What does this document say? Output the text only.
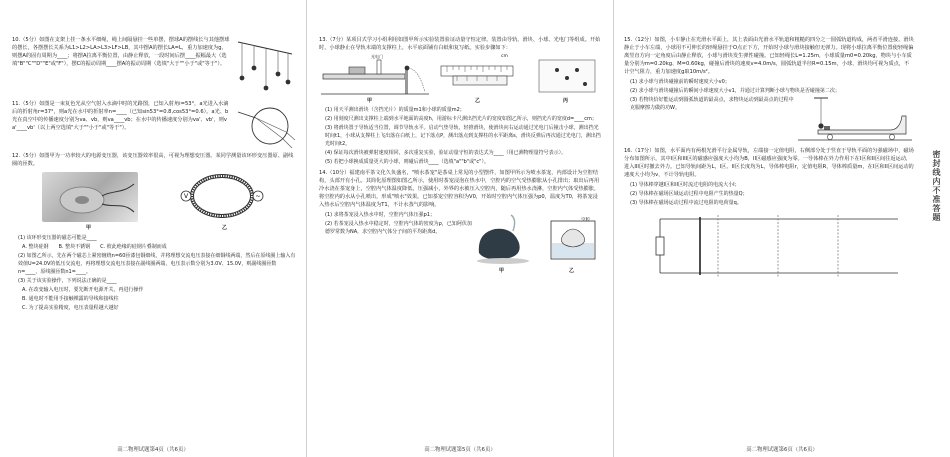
10.（5分）如图在支架上挂一条水平细绳，绳上间隔悬挂一些单摆，摆球A的摆线长与其他摆球的摆长，各摆摆长关系为L1>L2>LA>L3>LF>LB，其中摆A的摆长LA=L，重力加速度为g，则摆A的固有周期为____；将摆A拉离平衡位置，由静止释放，一段时间后摆____振幅最大（选填"B""C""D""E"或"F"），摆C的振动周期____摆A的振动周期（选填"大于""小于"或"等于"）。

11.（5分）如图是一束复色光从空气射入水滴中时的光路图，已知入射角i=53°，a光进入水滴后的折射角r=37°，则a光在水中的折射率n=____（已知sin53°=0.8,cos53°=0.6）。a光、b光在真空中的传播速度分别为va、vb，则va____vb；在水中的传播速度分别为va'、vb'，则va'____vb'（以上两空选填"大于""小于"或"等于"）。

12.（5分）如图甲为一功率较大的电源变压器，该变压器效率很高，可视为理想变压器。某同学测量该环形变压器原、副线圈的匝数。

甲
V	~
乙

(1) 该环形变压器的磁芯可能是____

A. 整块硅钢 B. 整块不锈钢 C. 彼此绝缘的硅钢片叠制而成

(2) 如图乙所示，先在两个磁芯上紧密缠绕n=60匝漆包铜细线，并将理想交流电压表接在细铜线两端，然后在原线圈上输入有效值U=24.0V的低压交流电，再将理想交流电压表接在副线圈两端，电压表示数分别为3.0V、15.0V，则副线圈匝数n=____，原线圈匝数n1=____。

(3) 关于该实验操作，下列说法正确的是____

A. 在改变输入电压时，要先断开电源开关，再进行操作

B. 通电时不能用手接触裸露的导线和接线柱

C. 为了提高实验精度，电压表量程越大越好

高二物理试题第4页（共6页）

13.（7分）某项目式学习小组利用如图甲所示实验装置验证动量守恒定律。装置由导轨、滑块、小球、光电门等组成。开始时，小球静止在导轨末端的支撑柱上，水平底面铺有白纸和复写纸。实验步骤如下：

光电门
甲
cm
乙	丙

(1) 用天平测出滑块（含挡光片）的质量m1和小球的质量m2；

(2) 用刻度尺测出支撑柱上端到水平地面的高度h，用游标卡尺测出挡光片的宽度如图乙所示，则挡光片的宽度d=____cm；

(3) 将滑块置于导轨适当位置，调节导轨水平。启动气垫导轨，轻推滑块，使滑块向右运动通过光电门后撞击小球，测出挡光时间t1，小球从支撑柱上飞出落在白纸上，记下落点P，测出落点到支撑柱的水平距离s，滑块反弹后再次通过光电门，测出挡光时间t2。

(4) 保证每次滑块被弹射速度相同，多次重复实验，验证动量守恒的表达式为____（用已测物理量符号表示）。

(5) 若把小球换成质量更大的小球，则碰后滑块____（选填"a""b"或"c"）。

14.（10分）福建南平茶文化久负盛名，"喷水茶宠"是茶桌上常见的小型摆件，如图甲所示为喷水茶宠，内部设计为空腔结构，头部开有小孔。其简化原理图如图乙所示，使用时茶宠浸泡在热水中，空腔内的空气受热膨胀从小孔排出；取出后再用冷水浇在茶宠身上，空腔内气体温度降低，压强减小，外界的水被压入空腔内，随后再用热水浇淋，空腔内气体受热膨胀，将空腔内的水从小孔喷出，形成"喷水"效果。已知茶宠空腔容积为V0，开始时空腔内气体压强为p0，温度为T0，将茶宠浸入热水后空腔内气体温度为T1，不计水蒸气的影响。

(1) 求将茶宠浸入热水中时，空腔内气体压强p1；

(2) 若茶宠浸入热水中稳定时，空腔内气体的密度为ρ，已知阿伏加德罗常数为NA，求空腔内气体分子间的平均距离d。

甲
空腔
乙
高二物理试题第5页（共6页）

15.（12分）如图，小车静止在光滑水平面上，其上表面由光滑水平轨道和粗糙的四分之一圆弧轨道构成，两者平滑连接。滑块静止于小车左端，小球用不可伸长的轻绳悬挂于O点正下方，开始时小球与滑块接触但无弹力。现将小球拉离平衡位置使轻绳偏离竖直方向一定角度后由静止释放，小球与滑块发生弹性碰撞。已知轻绳长L=1.25m，小球质量m0=0.20kg，物块与小车质量分别为m=0.20kg、M=0.60kg，碰撞后滑块的速度v=4.0m/s，圆弧轨道半径R=0.15m，小球、滑块均可视为质点，不计空气阻力，重力加速度g取10m/s²。

(1) 求小球与滑块碰撞前的瞬时速度大小v0；

(2) 求小球与滑块碰撞后的瞬间小球速度大小v1，并通过计算判断小球与物块是否碰撞第二次；

(3) 若物块恰好能运动到圆弧轨道的最高点，求物块运动到最高点的过程中克服摩擦力做的功W。

16.（17分）如图，水平面内有两根光滑平行金属导轨，左端接一定值电阻，右侧部分处于竖直于导轨平面的匀强磁场中，磁场分布如图所示，其中I区和III区的磁感应强度大小均为B，II区磁感应强度为零。一导体棒在外力作用下在I区和II区间往返运动，进入III区时撤去外力。已知导轨间距为L，I区、II区长度均为L，导体棒电阻r，定值电阻R，导体棒质量m，在I区和II区间运动的速度大小均为v，不计导轨电阻。

(1) 导体棒穿越I区和II区时流过电阻的电流大小I；

(2) 导体棒在磁场区域运动过程中电阻产生的热量Q；

(3) 导体棒在磁场运动过程中流过电阻的电荷量q。	密封线内不准答题
高二物理试题第6页（共6页）
